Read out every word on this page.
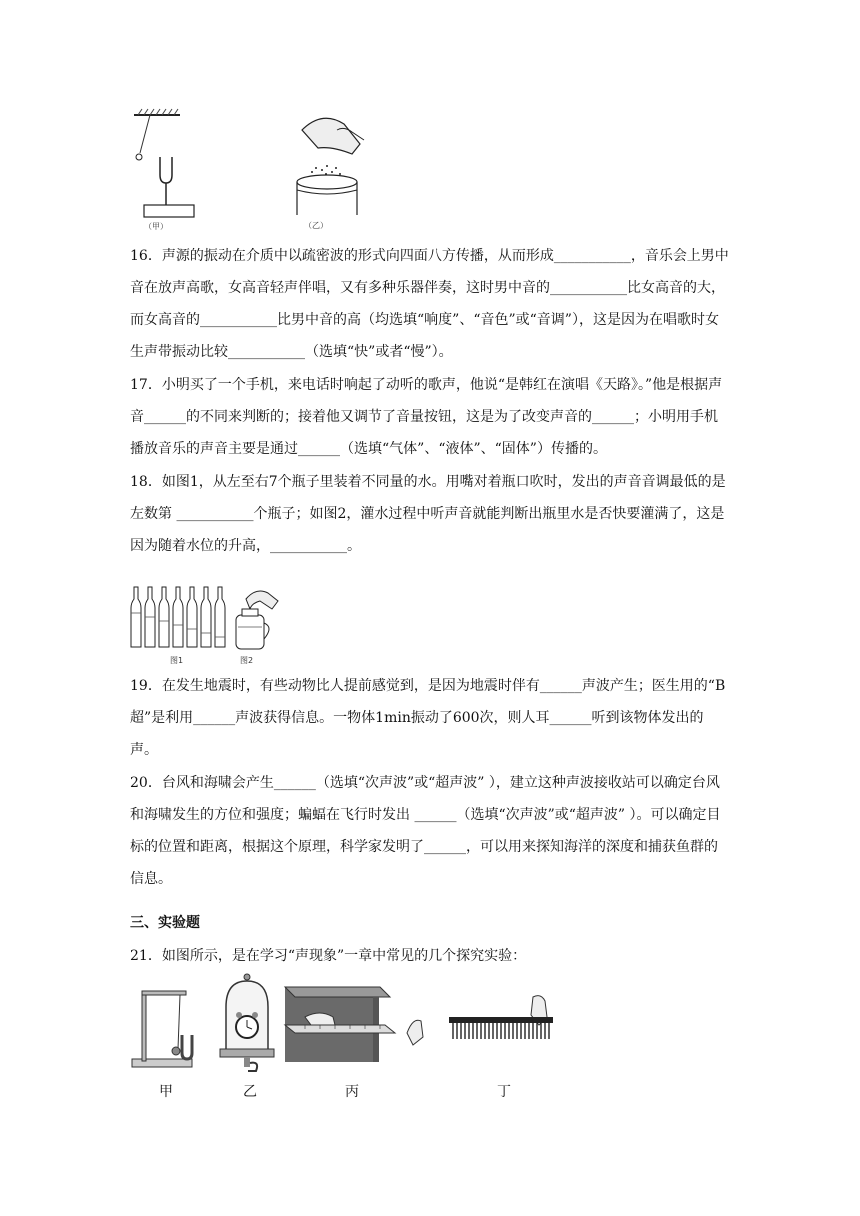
（甲）	（乙）

16．声源的振动在介质中以疏密波的形式向四面八方传播，从而形成___________，音乐会上男中音在放声高歌，女高音轻声伴唱，又有多种乐器伴奏，这时男中音的___________比女高音的大，而女高音的___________比男中音的高（均选填“响度”、“音色”或“音调”），这是因为在唱歌时女生声带振动比较___________（选填“快”或者“慢”）。

17．小明买了一个手机，来电话时响起了动听的歌声，他说“是韩红在演唱《天路》。”他是根据声音______的不同来判断的；接着他又调节了音量按钮，这是为了改变声音的______；小明用手机播放音乐的声音主要是通过______（选填“气体”、“液体”、“固体”）传播的。

18．如图1，从左至右7个瓶子里装着不同量的水。用嘴对着瓶口吹时，发出的声音音调最低的是左数第 ___________个瓶子；如图2，灌水过程中听声音就能判断出瓶里水是否快要灌满了，这是因为随着水位的升高，___________。

图1	图2

19．在发生地震时，有些动物比人提前感觉到，是因为地震时伴有______声波产生；医生用的“B超”是利用______声波获得信息。一物体1min振动了600次，则人耳______听到该物体发出的声。

20．台风和海啸会产生______（选填“次声波”或“超声波” ），建立这种声波接收站可以确定台风和海啸发生的方位和强度；蝙蝠在飞行时发出 ______（选填“次声波”或“超声波” ）。可以确定目标的位置和距离，根据这个原理，科学家发明了______，可以用来探知海洋的深度和捕获鱼群的信息。

三、实验题

21．如图所示，是在学习“声现象”一章中常见的几个探究实验：

甲	乙	丙	丁
